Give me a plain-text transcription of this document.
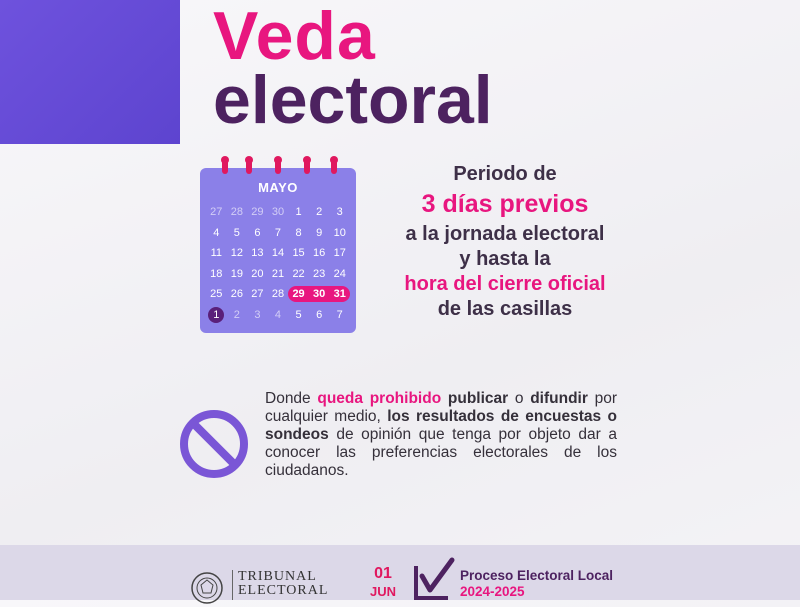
Veda
electoral
MAYO
27 28 29 30	1	2	3
4	5	6	7	8	9	10
11 12 13 14 15 16 17
18 19 20 21 22 23 24
25 26 27 28 29 30 31
1	2	3	4	5	6	7
Periodo de
3 días previos
a la jornada electoral
y hasta la
hora del cierre oficial
de las casillas
Donde queda prohibido publicar o difundir por cualquier medio, los resultados de encuestas o sondeos de opinión que tenga por objeto dar a conocer las preferencias electorales de los ciudadanos.
TRIBUNAL
ELECTORAL
01
JUN
Proceso Electoral Local
2024-2025
